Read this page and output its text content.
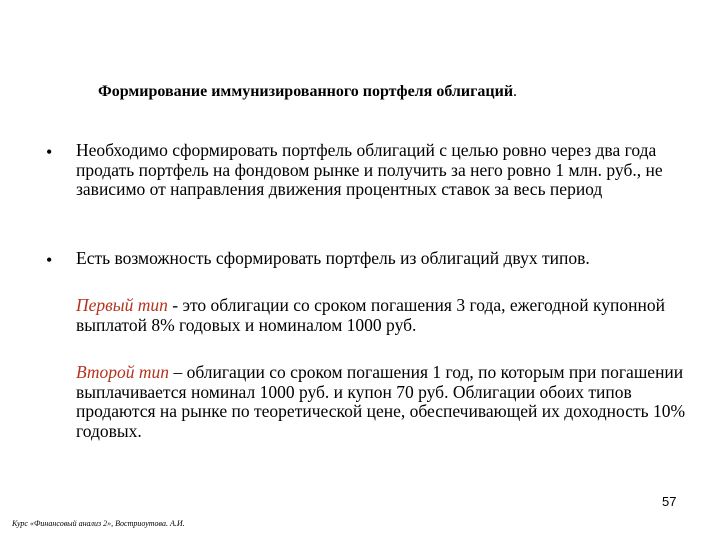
Формирование иммунизированного портфеля облигаций.
• Необходимо сформировать портфель облигаций с целью ровно через два года продать портфель на фондовом рынке и получить за него ровно 1 млн. руб., не зависимо от направления движения процентных ставок за весь период
• Есть возможность сформировать портфель из облигаций двух типов.
Первый тип - это облигации со сроком погашения 3 года, ежегодной купонной выплатой 8% годовых и номиналом 1000 руб.
Второй тип – облигации со сроком погашения 1 год, по которым при погашении выплачивается номинал 1000 руб. и купон 70 руб. Облигации обоих типов продаются на рынке по теоретической цене, обеспечивающей их доходность 10% годовых.
57
Курс «Финансовый анализ 2», Востриоутова. А.И.
